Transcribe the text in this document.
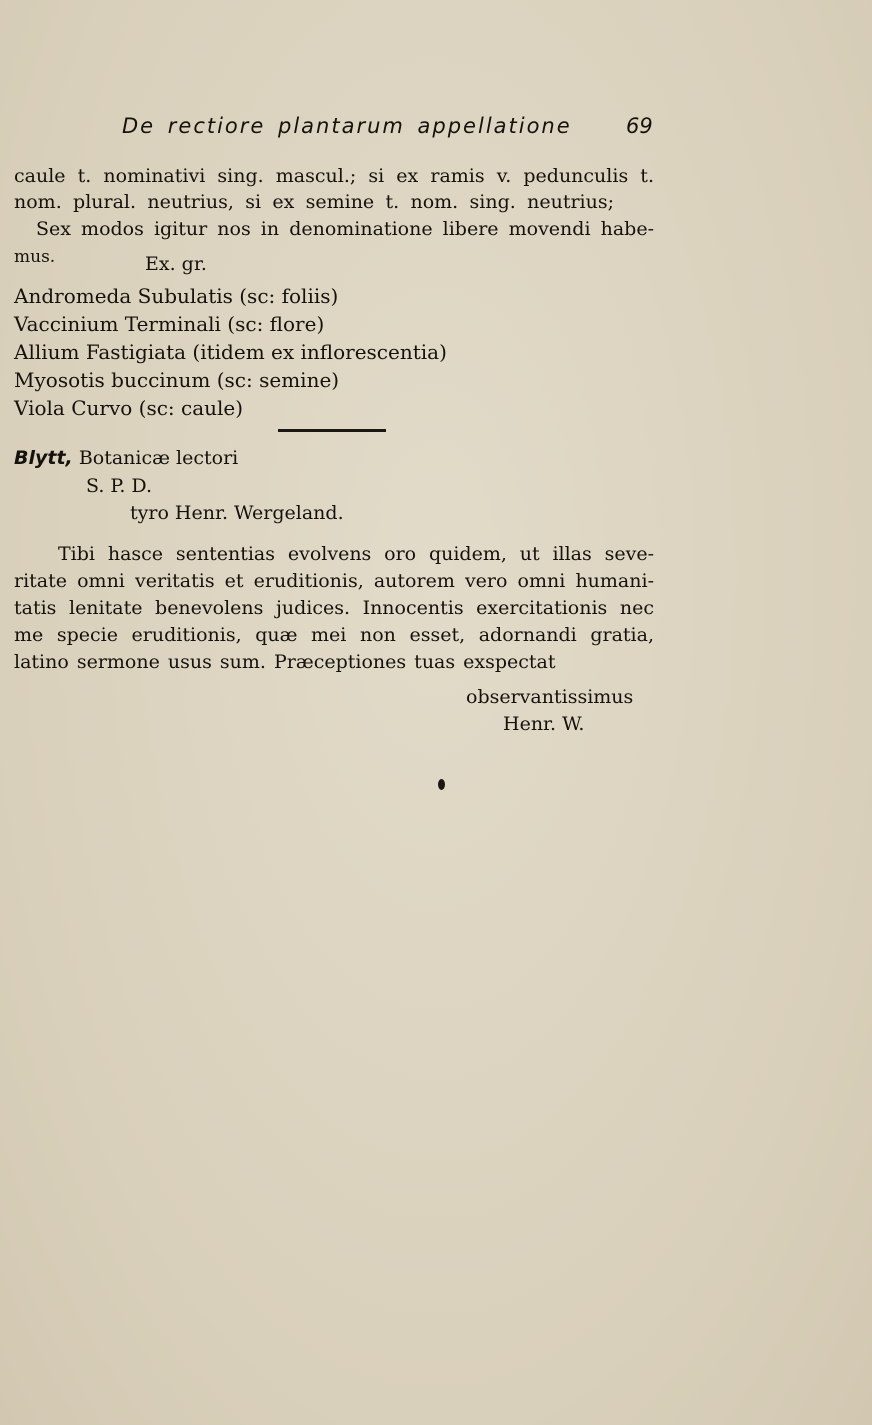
De rectiore plantarum appellatione	69
caule t. nominativi sing. mascul.; si ex ramis v. pedunculis t.
nom. plural. neutrius, si ex semine t. nom. sing. neutrius;
Sex modos igitur nos in denominatione libere movendi habe-
mus.	Ex. gr.
Andromeda Subulatis (sc: foliis)
Vaccinium Terminali (sc: flore)
Allium Fastigiata (itidem ex inflorescentia)
Myosotis buccinum (sc: semine)
Viola Curvo (sc: caule)
Blytt, Botanicæ lectori
S. P. D.
tyro Henr. Wergeland.
Tibi hasce sententias evolvens oro quidem, ut illas seve-
ritate omni veritatis et eruditionis, autorem vero omni humani-
tatis lenitate benevolens judices. Innocentis exercitationis nec
me specie eruditionis, quæ mei non esset, adornandi gratia,
latino sermone usus sum. Præceptiones tuas exspectat
observantissimus
Henr. W.
